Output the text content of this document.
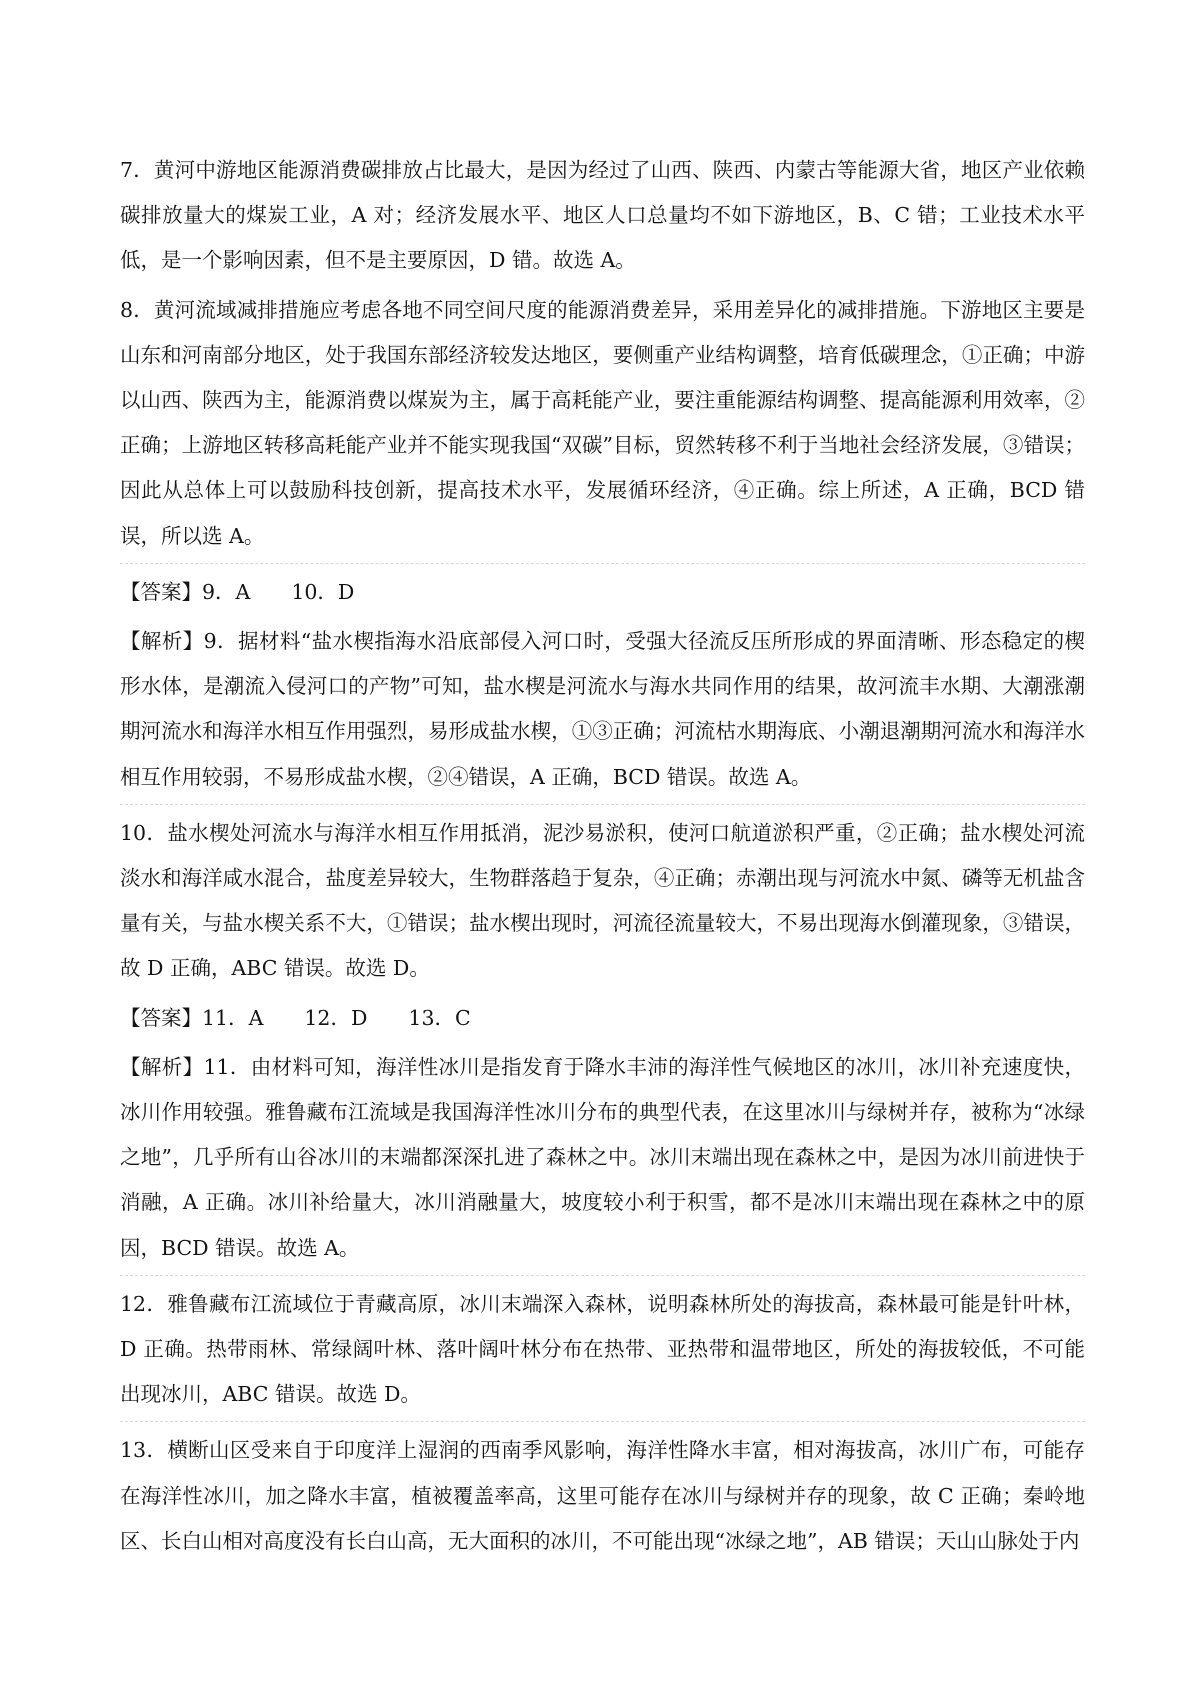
7．黄河中游地区能源消费碳排放占比最大，是因为经过了山西、陕西、内蒙古等能源大省，地区产业依赖碳排放量大的煤炭工业，A 对；经济发展水平、地区人口总量均不如下游地区，B、C 错；工业技术水平低，是一个影响因素，但不是主要原因，D 错。故选 A。
8．黄河流域减排措施应考虑各地不同空间尺度的能源消费差异，采用差异化的减排措施。下游地区主要是山东和河南部分地区，处于我国东部经济较发达地区，要侧重产业结构调整，培育低碳理念，①正确；中游以山西、陕西为主，能源消费以煤炭为主，属于高耗能产业，要注重能源结构调整、提高能源利用效率，②正确；上游地区转移高耗能产业并不能实现我国“双碳”目标，贸然转移不利于当地社会经济发展，③错误；因此从总体上可以鼓励科技创新，提高技术水平，发展循环经济，④正确。综上所述，A 正确，BCD 错误，所以选 A。
【答案】9．A　　10．D
【解析】9．据材料“盐水楔指海水沿底部侵入河口时，受强大径流反压所形成的界面清晰、形态稳定的楔形水体，是潮流入侵河口的产物”可知，盐水楔是河流水与海水共同作用的结果，故河流丰水期、大潮涨潮期河流水和海洋水相互作用强烈，易形成盐水楔，①③正确；河流枯水期海底、小潮退潮期河流水和海洋水相互作用较弱，不易形成盐水楔，②④错误，A 正确，BCD 错误。故选 A。
10．盐水楔处河流水与海洋水相互作用抵消，泥沙易淤积，使河口航道淤积严重，②正确；盐水楔处河流淡水和海洋咸水混合，盐度差异较大，生物群落趋于复杂，④正确；赤潮出现与河流水中氮、磷等无机盐含量有关，与盐水楔关系不大，①错误；盐水楔出现时，河流径流量较大，不易出现海水倒灌现象，③错误，故 D 正确，ABC 错误。故选 D。
【答案】11．A　　12．D　　13．C
【解析】11．由材料可知，海洋性冰川是指发育于降水丰沛的海洋性气候地区的冰川，冰川补充速度快，冰川作用较强。雅鲁藏布江流域是我国海洋性冰川分布的典型代表，在这里冰川与绿树并存，被称为“冰绿之地”，几乎所有山谷冰川的末端都深深扎进了森林之中。冰川末端出现在森林之中，是因为冰川前进快于消融，A 正确。冰川补给量大，冰川消融量大，坡度较小利于积雪，都不是冰川末端出现在森林之中的原因，BCD 错误。故选 A。
12．雅鲁藏布江流域位于青藏高原，冰川末端深入森林，说明森林所处的海拔高，森林最可能是针叶林，D 正确。热带雨林、常绿阔叶林、落叶阔叶林分布在热带、亚热带和温带地区，所处的海拔较低，不可能出现冰川，ABC 错误。故选 D。
13．横断山区受来自于印度洋上湿润的西南季风影响，海洋性降水丰富，相对海拔高，冰川广布，可能存在海洋性冰川，加之降水丰富，植被覆盖率高，这里可能存在冰川与绿树并存的现象，故 C 正确；秦岭地区、长白山相对高度没有长白山高，无大面积的冰川，不可能出现“冰绿之地”，AB 错误；天山山脉处于内
